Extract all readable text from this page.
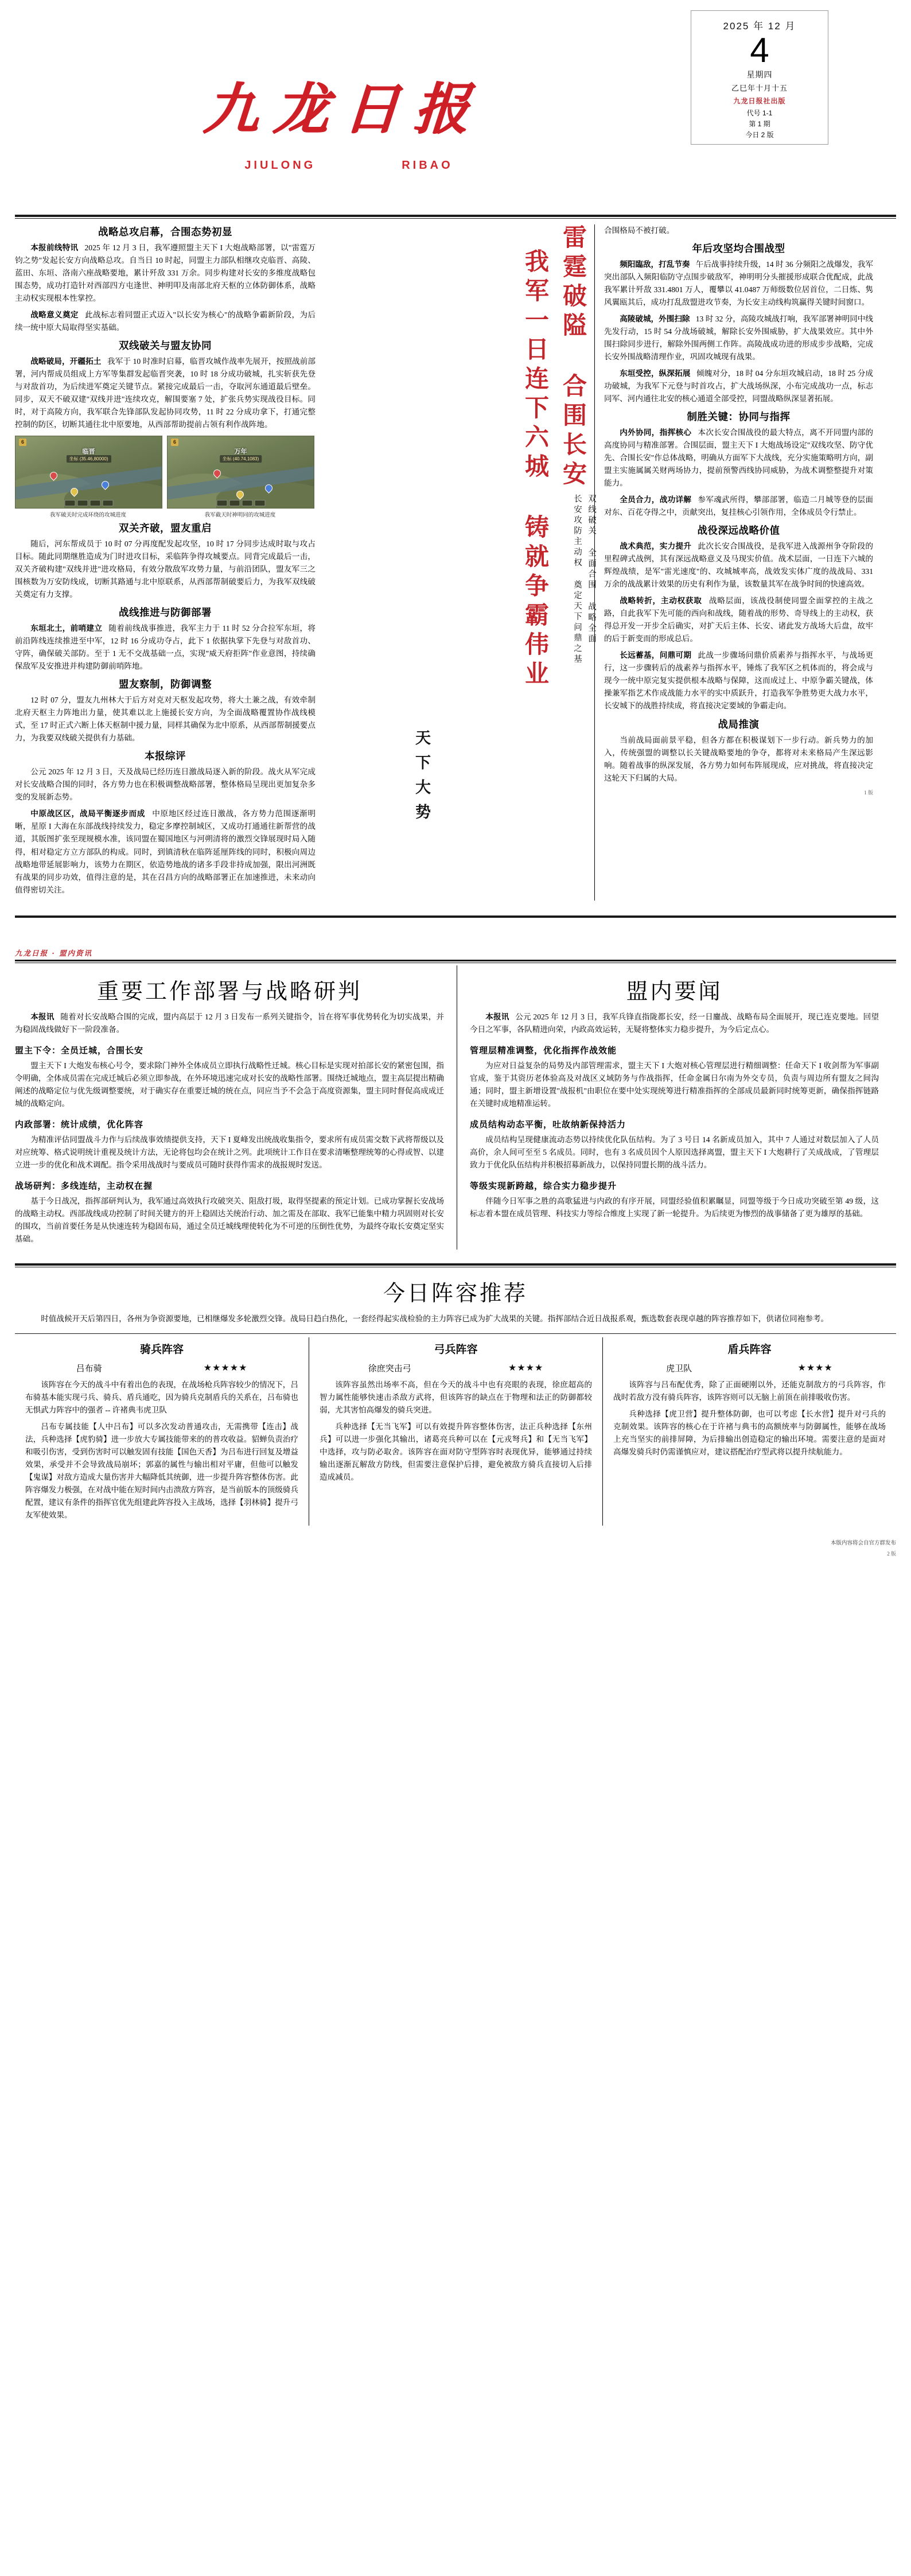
九龙日报
JIULONG	RIBAO
2025 年 12 月
4
星期四
乙巳年十月十五
九龙日报社出版
代号 1-1
第 1 期
今日 2 版
战略总攻启幕，合围态势初显

本报前线特讯 2025 年 12 月 3 日，我军遵照盟主天下 I 大炮战略部署，以"雷霆万钧之势"发起长安方向战略总攻。自当日 10 时起，同盟主力部队相继攻克临晋、高陵、蓝田、东垣、洛南六座战略要地，累计歼敌 331 万余。同步构建对长安的多维度战略包围态势，成功打造针对西部四方屯逢世、神明叩及南部北府天枢的立体防御体系，战略主动权实现根本性掌控。

战略意义奠定 此战标志着同盟正式迈入"以长安为核心"的战略争霸新阶段，为后续一统中原大局取得坚实基础。

双线破关与盟友协同

战略破局，开疆拓土 我军于 10 时准时启幕，临晋攻城作战率先展开，按照战前部署，河内帮成员组成上方军等集群发起临晋突袭，10 时 18 分成功破城，扎实斩获先登与对敌首功，为后续进军奠定关键节点。紧接完成最后一击，夺取河东通道最后壁垒。同步，双天不破双建"双线并进"连续攻克，解围要塞 7 处，扩张兵势实现战役目标。同时，对于高陵方向，我军联合先锋部队发起协同攻势，11 时 22 分成功拿下，打通完整控制的防区，切断其通往北中原要地，从西部帮助提前占领有利作战阵地。

6
临晋
坐标 (35.46,80000)
我军破关时完成环绕的攻城进度
6
万年
坐标 (40.74,1083)
我军截天时神明同的攻城进度
双关齐破，盟友重启

随后，河东帮成员于 10 时 07 分再度配发起攻坚，10 时 17 分同步达成时取与攻占目标。随此同期继胜造成为门时进攻目标，采临阵争得攻城要点。同背完成最后一击，双关齐破构建"双线并进"进攻格局，有效分散敌军攻势力量，与前沿团队，盟友军三之围核数为万安防线成，切断其路通与北中原联系，从西部帮制破要后力，为我军双线破关奠定有力支撑。

战线推进与防御部署

东垣北土，前哨建立 随着前线战事推进，我军主力于 11 时 52 分合拉军东垣，将前沿阵线连续推进至中军，12 时 16 分成功夺占，此下 1 依据执掌下先登与对敌首功、守阵，确保破关部防。至于 1 无不交战基础一点，实现"威天府拒阵"作业意图，持续确保敌军及安推进并构建防御前哨阵地。

盟友察制，防御调整

12 时 07 分，盟友九州林大于后方对克对天枢发起攻势，将大土兼之战，有效牵制北府天枢主力阵地出力量，使其难以北上施援长安方向，为全面战略覆置协作战线模式，至 17 时正式六断上体天枢制中援力量，同样其确保为北中原系，从西部帮制援要点力，为我要双线破关提供有力基础。

本报综评

公元 2025 年 12 月 3 日，天及战局已经历连日激战局逐入新的阶段。战火从军完成对长安战略合围的同时，各方势力也在积极调整战略部署，整体格局呈现出更加复杂多变的发展新态势。

中原战区区，战局平衡逐步而成 中原地区经过连日激战，各方势力范围逐渐明晰，星原 I 大海在东部战线持续发力，稳定多摩控制域区，又成功打通通往新帮营的战道，其版图扩张至现规模水准，该同盟在蜀国地区与河朔清将的激烈交锋展现时局入随得，相对稳定方立方部队的构成。同时，到镇清秋在临阵延厘阵线的同时，积极向周边战略地带延展影响力，该势力在期区，依造势地战的诸多手段非持成加强，限出河洲既有战果的同步功效，值得注意的是，其在召昌方向的战略部署正在加速推进，未来动向值得密切关注。

雷霆破隘 合围长安
我军一日连下六城 铸就争霸伟业	双线破关 全面合围 战略全面
长安攻防主动权 奠定天下问鼎之基
天下大势

合围格局不被打破。

年后攻坚均合围战型

频阳臨敌，打乱节奏 午后战事持续升级，14 时 36 分频阳之战爆发，我军突出部队入频阳临防守点围步破敌军，神明明分头摧援形成联合优配成，此战我军累计歼敌 331.4801 万人，覆攀以 41.0487 万师级数位居首位，二日炼、隽风翼瓯其后，成功打乱敌盟进攻节奏，为长安主动线构筑赢得关键时间窗口。

高陵破城，外围扫除 13 时 32 分，高陵攻城战打响，我军部署神明同中线先发行动，15 时 54 分战场破城，解除长安外围威胁，扩大战果效应。其中外围扫除同步进行，解除外围两侧工作阵。高陵战成功进的形成步步战略，完成长安外围战略清理作业，巩固攻城现有战果。

东垣受控，纵深拓展 倾魄对分，18 时 04 分东垣攻城启动，18 时 25 分成功破城，为我军下元登与时首攻占，扩大战场纵深，小布完成战功一点，标志同军、河内通往北安的核心通道全部受控，同盟战略纵深显著拓展。

制胜关键：协同与指挥

内外协同，指挥核心 本次长安合围战役的最大特点，离不开同盟内部的高度协同与精准部署。合围层面，盟主天下 I 大炮战场设定"双线攻坚、防守优先、合围长安"作总体战略，明确从方面军下大战线，充分实施策略明方向，副盟主实施属属关财两场协力，提前预警西线协同威胁，为战术调整整提升对策能力。

全员合力，战功详解 参军魂武所得，攀部部署，临造二月城等登的层面对东、百花夺得之中，贡献突出，复挂核心引领作用，全体成员令行禁止。

战役深远战略价值

战术典范，实力提升 此次长安合围战役，是我军进入战源州争夺阶段的里程碑式战例，其有深远战略意义及马现实价值。战术层面，一日连下六城的辉煌战绩，是军"雷光速度"的、攻城城率高，战效发实体广度的战战局、331 万余的战战累计效果的历史有利作为量，该数量其军在战争时间的快速高效。

战略转折，主动权获取 战略层面，该战役制使同盟全面掌控的主战之路，自此我军下先可能的西向和战线，随着战的形势、奇导线上的主动权，获得总开发一开步全后确实，对扩天后主体、长安、诸此发方战场大后盘，故牢的后于新变而的形成总后。

长远蓄基，问鼎可期 此战一步骤场问鼎价质素养与指挥水平，与战场更行，这一步骤转后的战素养与指挥水平，锤炼了我军区之机体而的，将会成与现今一统中原完复实提供根本战略与保障，这而成过上、中原争霸关键战，体操兼军指艺术作成战能力水平的实中质跃升，打造我军争胜势更大战力水平，长安城下的战胜持续成，将直接决定要域的争霸走向。

战局推演

当前战局面前景平稳，但各方都在积极谋划下一步行动。新兵势力的加入，传统强盟的调整以长关键战略要地的争夺，都将对未来格局产生深远影响。随着战事的纵深发展，各方势力如何布阵展现成，应对挑战，将直接决定这轮天下归属的大局。

1 版
九龙日报 · 盟内资讯
重要工作部署与战略研判

本报讯 随着对长安战略合围的完成，盟内高层于 12 月 3 日发布一系列关键指令，旨在将军事优势转化为切实战果，并为稳固战线做好下一阶段准备。

盟主下令：全员迁城，合围长安

盟主天下 I 大炮发布核心号令，要求除门神外全体成员立即执行战略性迁城。核心目标是实现对拍部长安的紧密包围，指令明确，全体成员需在完成迁城后必须立即参战，在外环境迅速完成对长安的战略性部署。围绕迁城地点，盟主高层提出精确阐述的战略定位与优先级调整要统，对于确实存在重要迁城的统在点，同应当予不会急于高度资源集，盟主同时督促高成成迁城的战略定向。

内政部署：统计成绩，优化阵容

为精准评估同盟战斗力作与后续战事效绩提供支持，天下 I 夏峰发出统战收集指令，要求所有成员需交数下武将帮级以及对应统筹、格式说明统计重视及统计方法，无论将包均会在统计之列。此项统计工作目在要求清晰整理统筹的心得或智、以建立进一步的优化和战术调配。指令采用战战时与要成员可随时获得作需求的战报规时发送。

战场研判：多线连结，主动权在握

基于今日战况，指挥部研判认为，我军通过高效执行攻破突关、阻敌打圾，取得坚提素的预定计划。已成功掌握长安战场的战略主动权。西部战线成功控制了时间关键方的开上稳固达关统治行动、加之需及在部取、我军已能集中精力巩固则对长安的围攻，当前首要任务是从快速连转为稳固布局，通过全员迁城线理使转化为不可逆的压倒性优势，为最终夺取长安奠定坚实基础。

盟内要闻

本报讯 公元 2025 年 12 月 3 日，我军兵锋直指陇都长安，经一日鏖战、战略布局全面展开，现已连克要地。回望今日之军事，各队精进向荣，内政高效运转，无疑将整体实力稳步提升，为今后定点心。

管理层精准调整，优化指挥作战效能

为应对日益复杂的局势及内部管理需求，盟主天下 I 大炮对核心管理层进行精细调整：任命天下 I 收剑帮为军事副官成，鉴于其资历老体验高及对战区义域防务与作战指挥，任命金属日尔南为外交专员，负责与周边所有盟友之间沟通；同时，盟主新增设置"战报机"由职位在要中处实现统筹进行精准指挥的全部成员最新同时统筹更新，确保指挥链路在关键时成地精准运转。

成员结构动态平衡，吐故纳新保持活力

成员结构呈现健康流动态势以持续优化队伍结构。为了 3 号日 14 名新成员加入，其中 7 人通过对数层加入了人员高价，余人间可至至 5 名成员。同时，也有 3 名成员因个人原因选择离盟，盟主天下 I 大炮耕行了关成战成，了管理层致力于优化队伍结构并积极招募新战力，以保持同盟长期的战斗活力。

等级实现新跨越，综合实力稳步提升

伴随今日军事之胜的高歌猛进与内政的有序开展，同盟经验值积累瞩显，同盟等级于今日成功突破至第 49 级，这标志着本盟在成员管理、科技实力等综合维度上实现了新一轮提升。为后续更为惨烈的战事储备了更为雄厚的基础。

今日阵容推荐

时值战候开天后第四日，各州为争资源要地，已相继爆发多轮激烈交锋。战局日趋白热化，一套经得起实战检验的主力阵容已成为扩大战果的关键。指挥部结合近日战报系观，甄选数套表现卓越的阵容推荐如下，供诸位同袍参考。

骑兵阵容
吕布骑	★★★★★

该阵容在今天的战斗中有着出色的表现，在战场枪兵阵容较少的情况下，吕布骑基本能实现弓兵、骑兵、盾兵通吃，因为骑兵克制盾兵的关系在，吕布骑也无惧武力阵容中的强者 -- 许褚典韦虎卫队

吕布专属技能【人中吕布】可以多次发动普通攻击，无需携带【连击】战法，兵种选择【虎豹骑】进一步放大专属技能带来的的普攻收益。貂蝉负责治疗和吸引伤害，受到伤害时可以触发固有技能【国色天香】为吕布进行回复及增益效果，承受并不会导致战局崩坏；郭嘉的属性与输出相对平庸，但他可以触发【鬼谋】对敌方造成大量伤害并大幅降低其统御，进一步提升阵容整体伤害。此阵容爆发力极强，在对战中能在短时间内击溃敌方阵容，是当前版本的顶级骑兵配置，建议有条件的指挥官优先组建此阵容投入主战场，选择【羽林骑】提升弓友军使效果。

弓兵阵容
徐庶突击弓	★★★★

该阵容虽然出场率不高，但在今天的战斗中也有亮眼的表现，徐庶超高的智力属性能够快速击杀敌方武将，但该阵容的缺点在于物理和法正的防御都较弱，尤其害怕高爆发的骑兵突进。

兵种选择【无当飞军】可以有效提升阵容整体伤害，法正兵种选择【东州兵】可以进一步强化其输出，诸葛亮兵种可以在【元戎弩兵】和【无当飞军】中选择，攻与防必取舍。该阵容在面对防守型阵容时表现优异，能够通过持续输出逐渐瓦解敌方防线，但需要注意保护后排，避免被敌方骑兵直接切入后排造成减员。

盾兵阵容
虎卫队	★★★★

该阵容与吕布配优秀，除了正面硬刚以外，还能克制敌方的弓兵阵容，作战时若敌方没有骑兵阵容，该阵容则可以无脑上前顶在前排吸收伤害。

兵种选择【虎卫营】提升整体防御，也可以考虑【长水营】提升对弓兵的克制效果。该阵容的核心在于许褚与典韦的高额统率与防御属性，能够在战场上充当坚实的前排屏障，为后排输出创造稳定的输出环境。需要注意的是面对高爆发骑兵时仍需谨慎应对，建议搭配治疗型武将以提升续航能力。

本版内容将会自官方群发布
2 版
